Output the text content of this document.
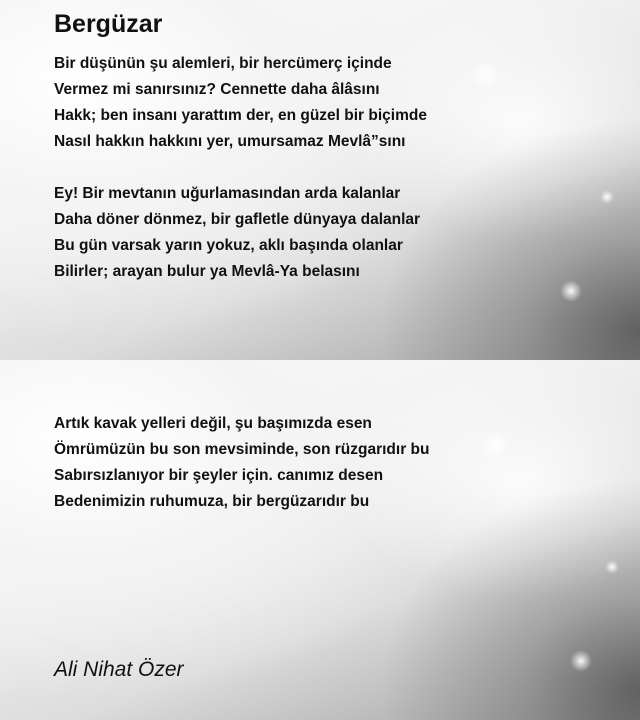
Bergüzar
Bir düşünün şu alemleri, bir hercümerç içinde
Vermez mi sanırsınız? Cennette daha âlâsını
Hakk; ben insanı yarattım der, en güzel bir biçimde
Nasıl hakkın hakkını yer, umursamaz Mevlâ”sını
Ey! Bir mevtanın uğurlamasından arda kalanlar
Daha döner dönmez, bir gafletle dünyaya dalanlar
Bu gün varsak yarın yokuz, aklı başında olanlar
Bilirler; arayan bulur ya Mevlâ-Ya belasını
Artık kavak yelleri değil, şu başımızda esen
Ömrümüzün bu son mevsiminde, son rüzgarıdır bu
Sabırsızlanıyor bir şeyler için. canımız desen
Bedenimizin ruhumuza, bir bergüzarıdır bu

Ali Nihat Özer
